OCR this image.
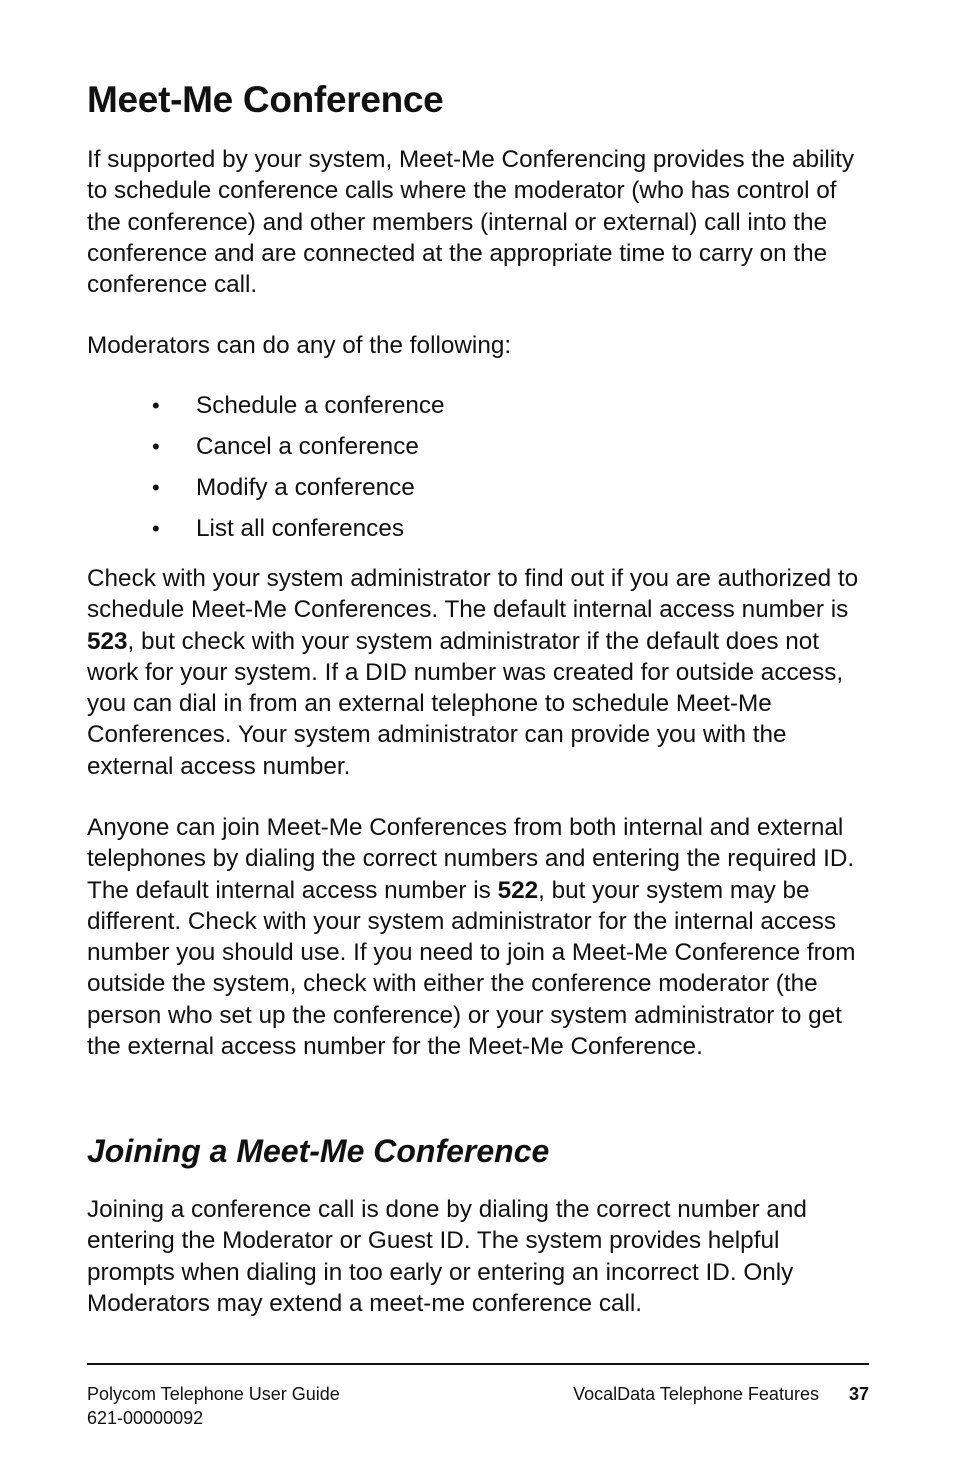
Meet-Me Conference

If supported by your system, Meet-Me Conferencing provides the ability to schedule conference calls where the moderator (who has control of the conference) and other members (internal or external) call into the conference and are connected at the appropriate time to carry on the conference call.

Moderators can do any of the following:

• Schedule a conference
• Cancel a conference
• Modify a conference
• List all conferences

Check with your system administrator to find out if you are authorized to schedule Meet-Me Conferences. The default internal access number is 523, but check with your system administrator if the default does not work for your system. If a DID number was created for outside access, you can dial in from an external telephone to schedule Meet-Me Conferences. Your system administrator can provide you with the external access number.

Anyone can join Meet-Me Conferences from both internal and external telephones by dialing the correct numbers and entering the required ID. The default internal access number is 522, but your system may be different. Check with your system administrator for the internal access number you should use. If you need to join a Meet-Me Conference from outside the system, check with either the conference moderator (the person who set up the conference) or your system administrator to get the external access number for the Meet-Me Conference.

Joining a Meet-Me Conference

Joining a conference call is done by dialing the correct number and entering the Moderator or Guest ID. The system provides helpful prompts when dialing in too early or entering an incorrect ID. Only Moderators may extend a meet-me conference call.

Polycom Telephone User Guide
621-00000092
VocalData Telephone Features 37
